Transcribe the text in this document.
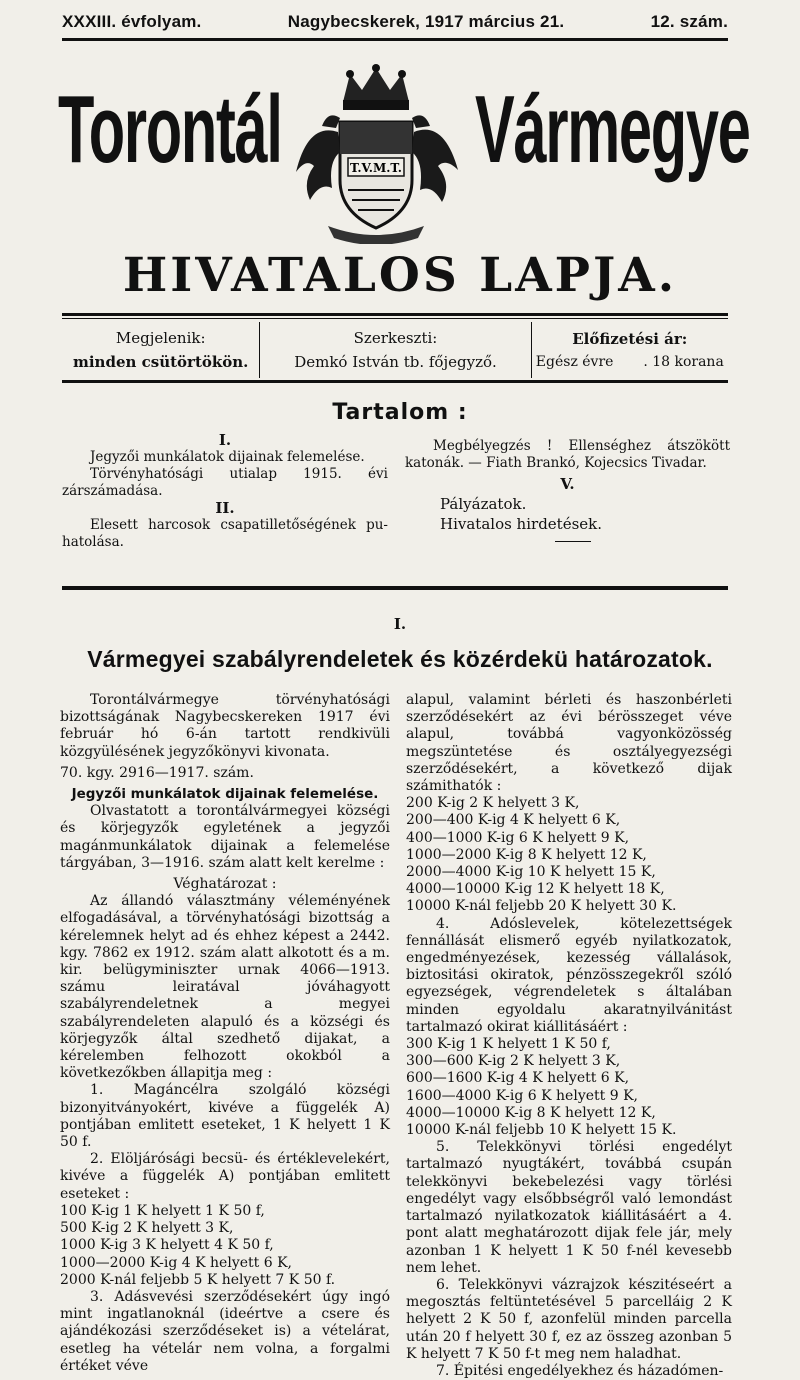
XXXIII. évfolyam.	Nagybecskerek, 1917 március 21.	12. szám.
Torontál Vármegye
T.V.M.T.
HIVATALOS LAPJA.
Megjelenik:
minden csütörtökön.
Szerkeszti:
Demkó István tb. főjegyző.
Előfizetési ár:
Egész évre . 18 korana
Tartalom :
I.
Jegyzői munkálatok dijainak felemelése.
Törvényhatósági utialap 1915. évi zárszámadása.
II.
Elesett harcosok csapatilletőségének pu-hatolása.
Megbélyegzés ! Ellenséghez átszökött katonák. — Fiath Brankó, Kojecsics Tivadar.
V.
Pályázatok.
Hivatalos hirdetések.
I.
Vármegyei szabályrendeletek és közérdekü határozatok.

Torontálvármegye törvényhatósági bizottságának Nagybecskereken 1917 évi február hó 6-án tartott rendkivüli közgyülésének jegyzőkönyvi kivonata.

70. kgy. 2916—1917. szám.

Jegyzői munkálatok dijainak felemelése.

Olvastatott a torontálvármegyei községi és körjegyzők egyletének a jegyzői magánmunkálatok dijainak a felemelése tárgyában, 3—1916. szám alatt kelt kerelme :

Véghatározat :

Az állandó választmány véleményének elfogadásával, a törvényhatósági bizottság a kérelemnek helyt ad és ehhez képest a 2442. kgy. 7862 ex 1912. szám alatt alkotott és a m. kir. belügyminiszter urnak 4066—1913. számu leiratával jóváhagyott szabályrendeletnek a megyei szabályrendeleten alapuló és a községi és körjegyzők által szedhető dijakat, a kérelemben felhozott okokból a következőkben állapitja meg :

1. Magáncélra szolgáló községi bizonyitványokért, kivéve a függelék A) pontjában emlitett eseteket, 1 K helyett 1 K 50 f.

2. Elöljárósági becsü- és értéklevelekért, kivéve a függelék A) pontjában emlitett eseteket :

100 K-ig 1 K helyett 1 K 50 f,

500 K-ig 2 K helyett 3 K,

1000 K-ig 3 K helyett 4 K 50 f,

1000—2000 K-ig 4 K helyett 6 K,

2000 K-nál feljebb 5 K helyett 7 K 50 f.

3. Adásvevési szerződésekért úgy ingó mint ingatlanoknál (ideértve a csere és ajándékozási szerződéseket is) a vételárat, esetleg ha vételár nem volna, a forgalmi értéket véve

alapul, valamint bérleti és haszonbérleti szerződésekért az évi bérösszeget véve alapul, továbbá vagyonközösség megszüntetése és osztályegyezségi szerződésekért, a következő dijak számithatók :

200 K-ig 2 K helyett 3 K,

200—400 K-ig 4 K helyett 6 K,

400—1000 K-ig 6 K helyett 9 K,

1000—2000 K-ig 8 K helyett 12 K,

2000—4000 K-ig 10 K helyett 15 K,

4000—10000 K-ig 12 K helyett 18 K,

10000 K-nál feljebb 20 K helyett 30 K.

4. Adóslevelek, kötelezettségek fennállását elismerő egyéb nyilatkozatok, engedményezések, kezesség vállalások, biztositási okiratok, pénzösszegekről szóló egyezségek, végrendeletek s általában minden egyoldalu akaratnyilvánitást tartalmazó okirat kiállitásáért :

300 K-ig 1 K helyett 1 K 50 f,

300—600 K-ig 2 K helyett 3 K,

600—1600 K-ig 4 K helyett 6 K,

1600—4000 K-ig 6 K helyett 9 K,

4000—10000 K-ig 8 K helyett 12 K,

10000 K-nál feljebb 10 K helyett 15 K.

5. Telekkönyvi törlési engedélyt tartalmazó nyugtákért, továbbá csupán telekkönyvi bekebelezési vagy törlési engedélyt vagy elsőbbségről való lemondást tartalmazó nyilatkozatok kiállitásáért a 4. pont alatt meghatározott dijak fele jár, mely azonban 1 K helyett 1 K 50 f-nél kevesebb nem lehet.

6. Telekkönyvi vázrajzok készitéseért a megosztás feltüntetésével 5 parcelláig 2 K helyett 2 K 50 f, azonfelül minden parcella után 20 f helyett 30 f, ez az összeg azonban 5 K helyett 7 K 50 f-t meg nem haladhat.

7. Épitési engedélyekhez és házadómen-
